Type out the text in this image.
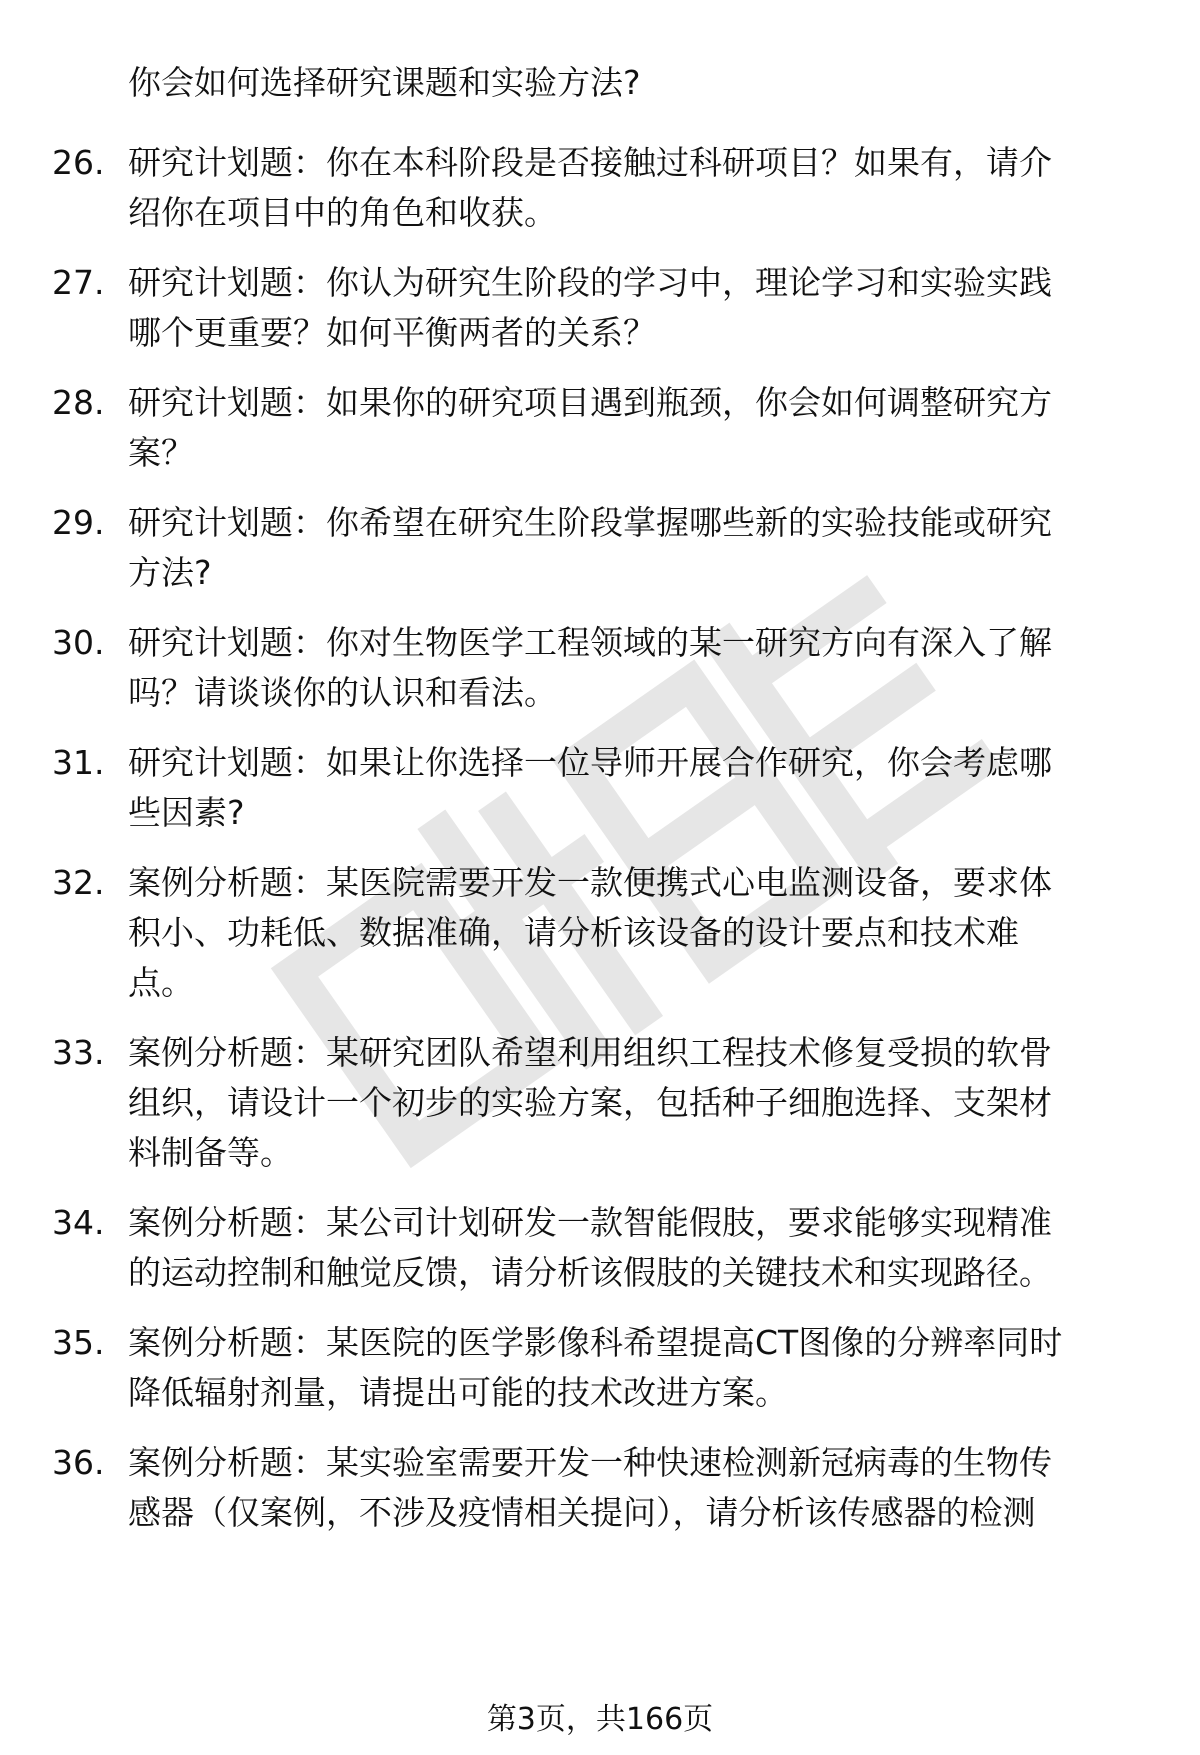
你会如何选择研究课题和实验方法?
26. 研究计划题：你在本科阶段是否接触过科研项目？如果有，请介
绍你在项目中的角色和收获。
27. 研究计划题：你认为研究生阶段的学习中，理论学习和实验实践
哪个更重要？如何平衡两者的关系？
28. 研究计划题：如果你的研究项目遇到瓶颈，你会如何调整研究方
案？
29. 研究计划题：你希望在研究生阶段掌握哪些新的实验技能或研究
方法?
30. 研究计划题：你对生物医学工程领域的某一研究方向有深入了解
吗？请谈谈你的认识和看法。
31. 研究计划题：如果让你选择一位导师开展合作研究，你会考虑哪
些因素?
32. 案例分析题：某医院需要开发一款便携式心电监测设备，要求体
积小、功耗低、数据准确，请分析该设备的设计要点和技术难
点。
33. 案例分析题：某研究团队希望利用组织工程技术修复受损的软骨
组织，请设计一个初步的实验方案，包括种子细胞选择、支架材
料制备等。
34. 案例分析题：某公司计划研发一款智能假肢，要求能够实现精准
的运动控制和触觉反馈，请分析该假肢的关键技术和实现路径。
35. 案例分析题：某医院的医学影像科希望提高CT图像的分辨率同时
降低辐射剂量，请提出可能的技术改进方案。
36. 案例分析题：某实验室需要开发一种快速检测新冠病毒的生物传
感器（仅案例，不涉及疫情相关提问），请分析该传感器的检测
第3页，共166页
